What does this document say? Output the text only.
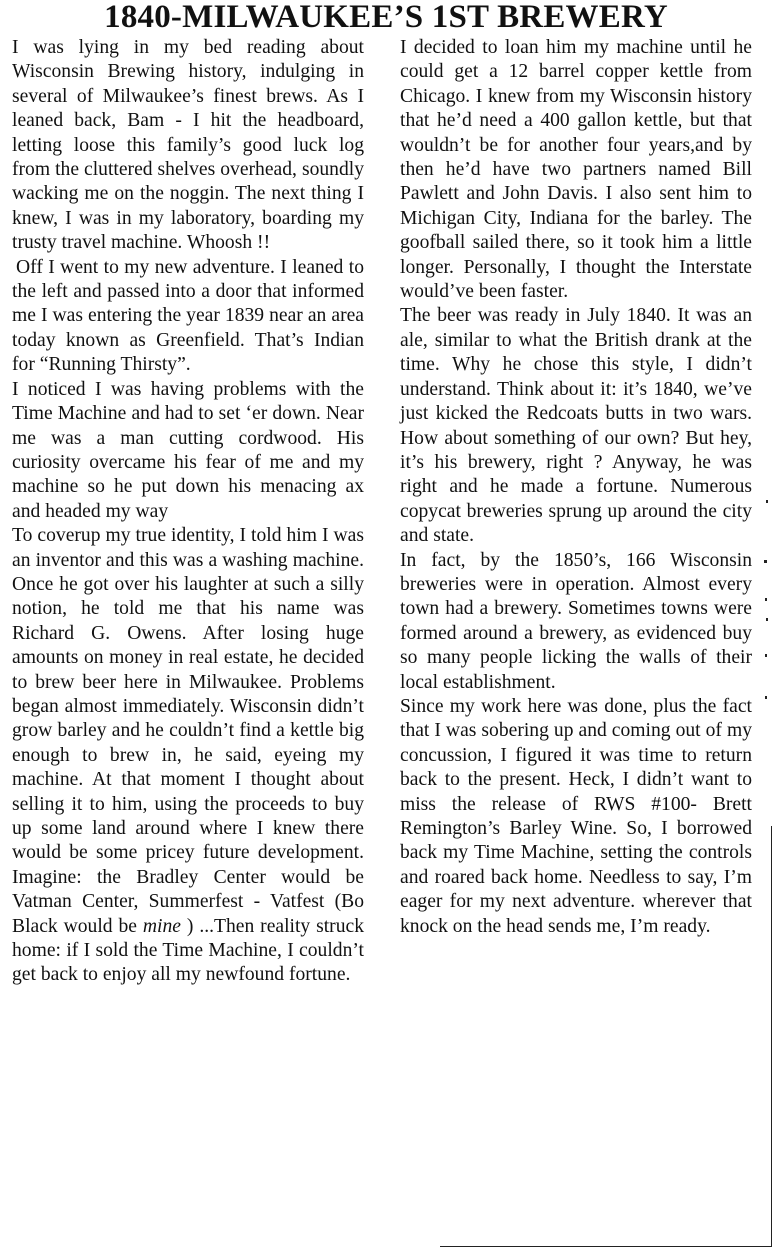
1840-MILWAUKEE’S 1ST BREWERY

I was lying in my bed reading about Wisconsin Brewing history, indulging in several of Milwaukee’s finest brews. As I leaned back, Bam - I hit the headboard, letting loose this family’s good luck log from the cluttered shelves overhead, soundly wacking me on the noggin. The next thing I knew, I was in my laboratory, boarding my trusty travel machine. Whoosh !!

Off I went to my new adventure. I leaned to the left and passed into a door that informed me I was entering the year 1839 near an area today known as Greenfield. That’s Indian for “Running Thirsty”.

I noticed I was having problems with the Time Machine and had to set ‘er down. Near me was a man cutting cordwood. His curiosity overcame his fear of me and my machine so he put down his menacing ax and headed my way

To coverup my true identity, I told him I was an inventor and this was a washing machine. Once he got over his laughter at such a silly notion, he told me that his name was Richard G. Owens. After losing huge amounts on money in real estate, he decided to brew beer here in Milwaukee. Problems began almost immediately. Wisconsin didn’t grow barley and he couldn’t find a kettle big enough to brew in, he said, eyeing my machine. At that moment I thought about selling it to him, using the proceeds to buy up some land around where I knew there would be some pricey future development. Imagine: the Bradley Center would be Vatman Center, Summerfest - Vatfest (Bo Black would be mine ) ...Then reality struck home: if I sold the Time Machine, I couldn’t get back to enjoy all my newfound fortune.

I decided to loan him my machine until he could get a 12 barrel copper kettle from Chicago. I knew from my Wisconsin history that he’d need a 400 gallon kettle, but that wouldn’t be for another four years,and by then he’d have two partners named Bill Pawlett and John Davis. I also sent him to Michigan City, Indiana for the barley. The goofball sailed there, so it took him a little longer. Personally, I thought the Interstate would’ve been faster.

The beer was ready in July 1840. It was an ale, similar to what the British drank at the time. Why he chose this style, I didn’t understand. Think about it: it’s 1840, we’ve just kicked the Redcoats butts in two wars. How about something of our own? But hey, it’s his brewery, right ? Anyway, he was right and he made a fortune. Numerous copycat breweries sprung up around the city and state.

In fact, by the 1850’s, 166 Wisconsin breweries were in operation. Almost every town had a brewery. Sometimes towns were formed around a brewery, as evidenced buy so many people licking the walls of their local establishment.

Since my work here was done, plus the fact that I was sobering up and coming out of my concussion, I figured it was time to return back to the present. Heck, I didn’t want to miss the release of RWS #100- Brett Remington’s Barley Wine. So, I borrowed back my Time Machine, setting the controls and roared back home. Needless to say, I’m eager for my next adventure. wherever that knock on the head sends me, I’m ready.
